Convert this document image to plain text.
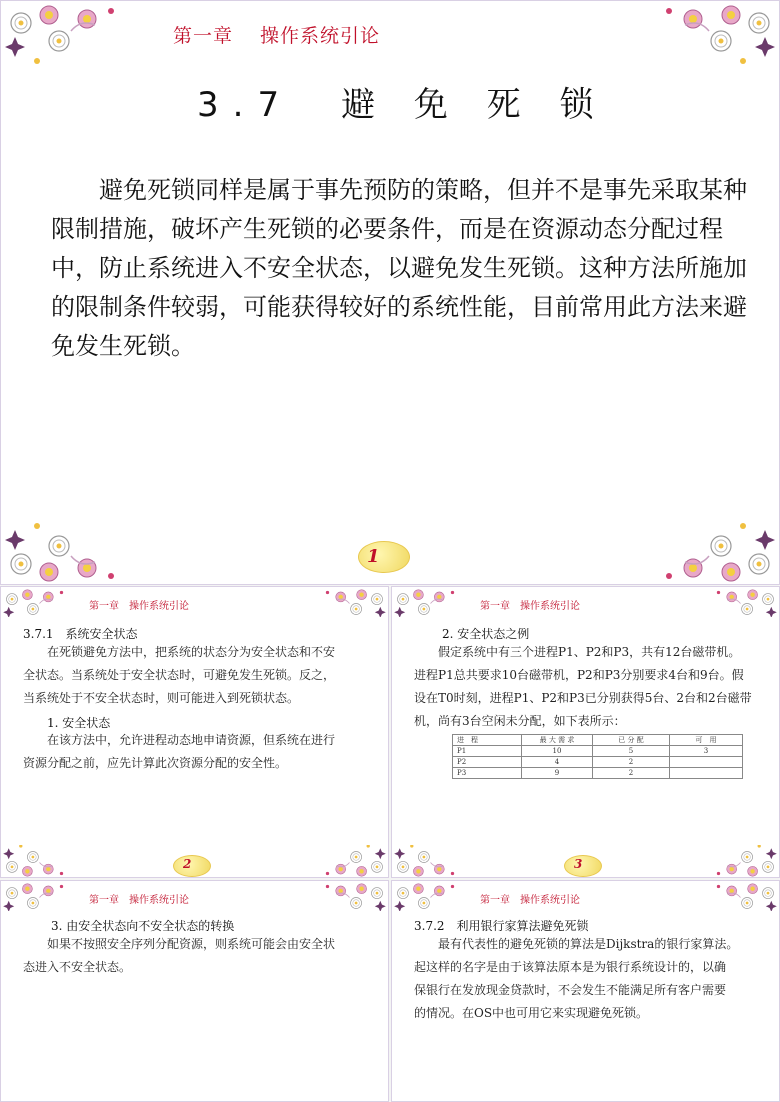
第一章　 操作系统引论
3.7　避 免 死 锁
避免死锁同样是属于事先预防的策略，但并不是事先采取某种限制措施，破坏产生死锁的必要条件，而是在资源动态分配过程中，防止系统进入不安全状态，以避免发生死锁。这种方法所施加的限制条件较弱，可能获得较好的系统性能，目前常用此方法来避免发生死锁。
1
第一章　操作系统引论
3.7.1　系统安全状态
在死锁避免方法中，把系统的状态分为安全状态和不安
全状态。当系统处于安全状态时，可避免发生死锁。反之，
当系统处于不安全状态时，则可能进入到死锁状态。
1. 安全状态
在该方法中，允许进程动态地申请资源，但系统在进行
资源分配之前，应先计算此次资源分配的安全性。
2
第一章　操作系统引论
2. 安全状态之例
假定系统中有三个进程P1、P2和P3，共有12台磁带机。
进程P1总共要求10台磁带机，P2和P3分别要求4台和9台。假
设在T0时刻，进程P1、P2和P3已分别获得5台、2台和2台磁带
机，尚有3台空闲未分配，如下表所示：
进　程	最 大 需 求	已 分 配	可　用
P1	10	5	3
P2	4	2	
P3	9	2	
3
第一章　操作系统引论
3. 由安全状态向不安全状态的转换
如果不按照安全序列分配资源，则系统可能会由安全状
态进入不安全状态。
第一章　操作系统引论
3.7.2　利用银行家算法避免死锁
最有代表性的避免死锁的算法是Dijkstra的银行家算法。
起这样的名字是由于该算法原本是为银行系统设计的，以确
保银行在发放现金贷款时，不会发生不能满足所有客户需要
的情况。在OS中也可用它来实现避免死锁。
